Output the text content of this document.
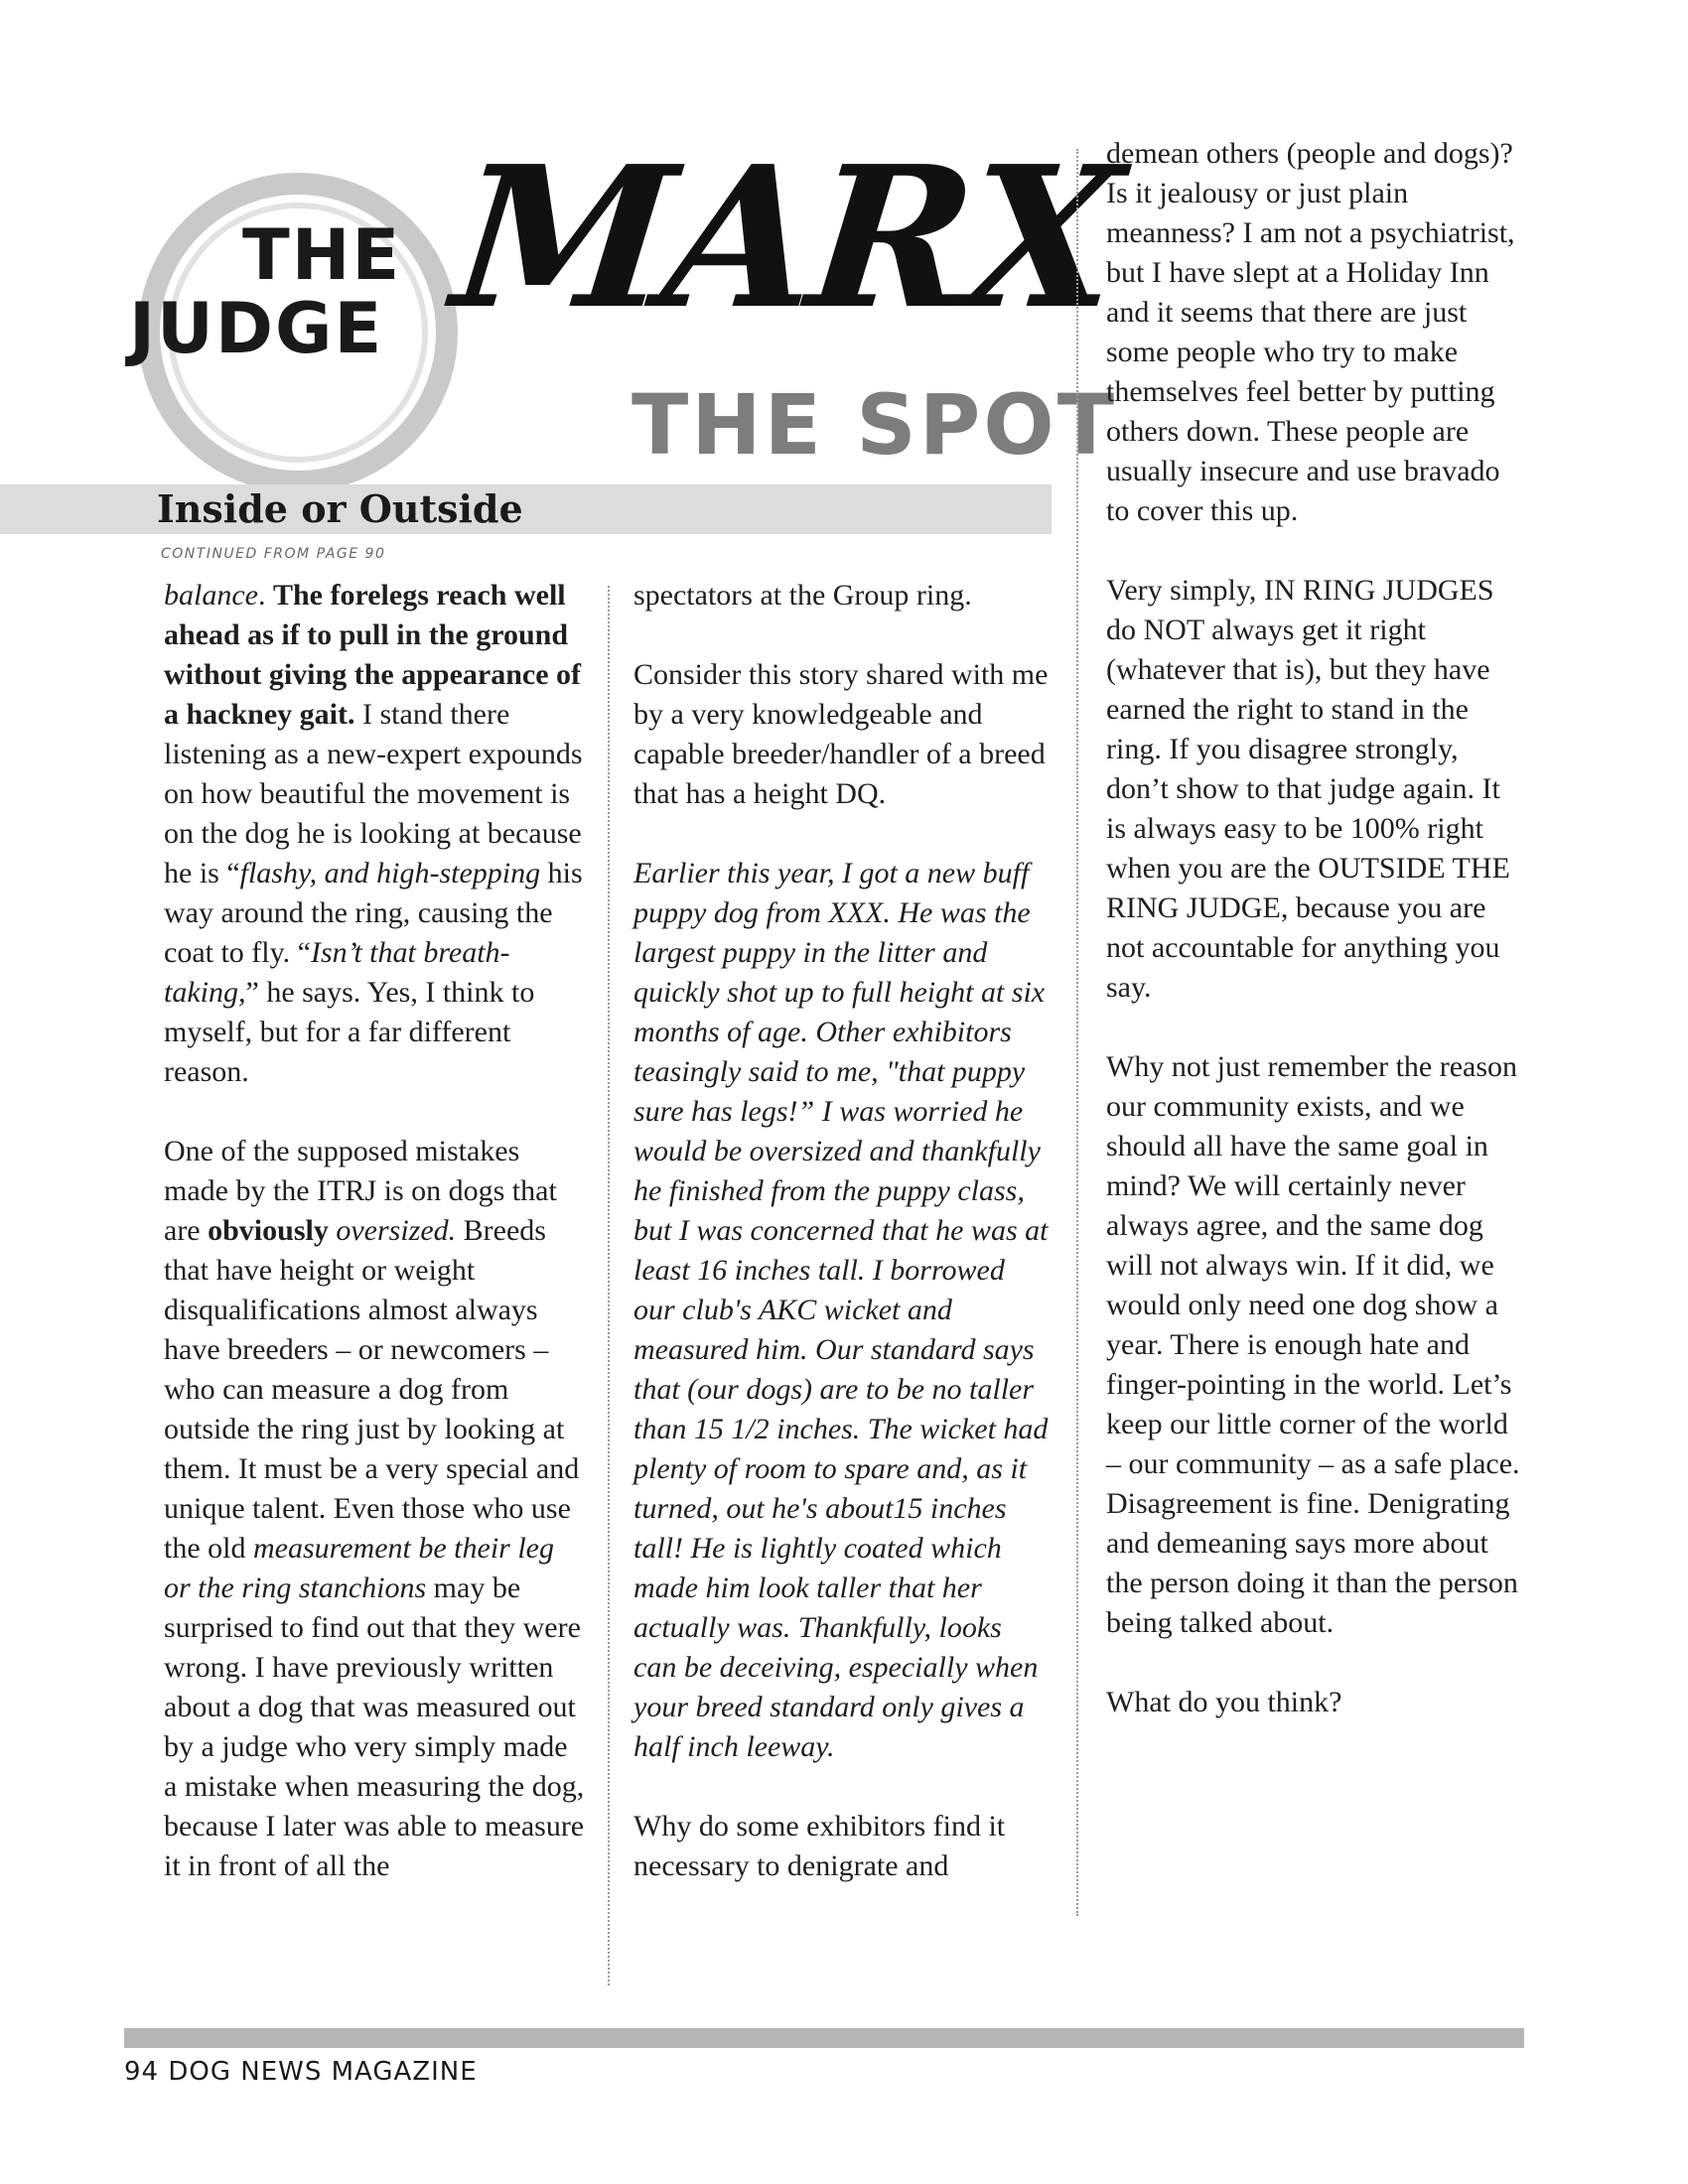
THE
JUDGE MARX
THE SPOT
Inside or Outside
CONTINUED FROM PAGE 90

balance. The forelegs reach well ahead as if to pull in the ground without giving the appearance of a hackney gait. I stand there listening as a new-expert expounds on how beautiful the movement is on the dog he is looking at because he is “flashy, and high-stepping his way around the ring, causing the coat to fly. “Isn’t that breath-taking,” he says. Yes, I think to myself, but for a far different reason.

One of the supposed mistakes made by the ITRJ is on dogs that are obviously oversized. Breeds that have height or weight disqualifications almost always have breeders – or newcomers – who can measure a dog from outside the ring just by looking at them. It must be a very special and unique talent. Even those who use the old measurement be their leg or the ring stanchions may be surprised to find out that they were wrong. I have previously written about a dog that was measured out by a judge who very simply made a mistake when measuring the dog, because I later was able to measure it in front of all the

spectators at the Group ring.

Consider this story shared with me by a very knowledgeable and capable breeder/handler of a breed that has a height DQ.

Earlier this year, I got a new buff puppy dog from XXX. He was the largest puppy in the litter and quickly shot up to full height at six months of age. Other exhibitors teasingly said to me, "that puppy sure has legs!” I was worried he would be oversized and thankfully he finished from the puppy class, but I was concerned that he was at least 16 inches tall. I borrowed our club's AKC wicket and measured him. Our standard says that (our dogs) are to be no taller than 15 1/2 inches. The wicket had plenty of room to spare and, as it turned, out he's about15 inches tall! He is lightly coated which made him look taller that her actually was. Thankfully, looks can be deceiving, especially when your breed standard only gives a half inch leeway.

Why do some exhibitors find it necessary to denigrate and

demean others (people and dogs)? Is it jealousy or just plain meanness? I am not a psychiatrist, but I have slept at a Holiday Inn and it seems that there are just some people who try to make themselves feel better by putting others down. These people are usually insecure and use bravado to cover this up.

Very simply, IN RING JUDGES do NOT always get it right (whatever that is), but they have earned the right to stand in the ring. If you disagree strongly, don’t show to that judge again. It is always easy to be 100% right when you are the OUTSIDE THE RING JUDGE, because you are not accountable for anything you say.

Why not just remember the reason our community exists, and we should all have the same goal in mind? We will certainly never always agree, and the same dog will not always win. If it did, we would only need one dog show a year. There is enough hate and finger-pointing in the world. Let’s keep our little corner of the world – our community – as a safe place. Disagreement is fine. Denigrating and demeaning says more about the person doing it than the person being talked about.

What do you think?

94 DOG NEWS MAGAZINE
